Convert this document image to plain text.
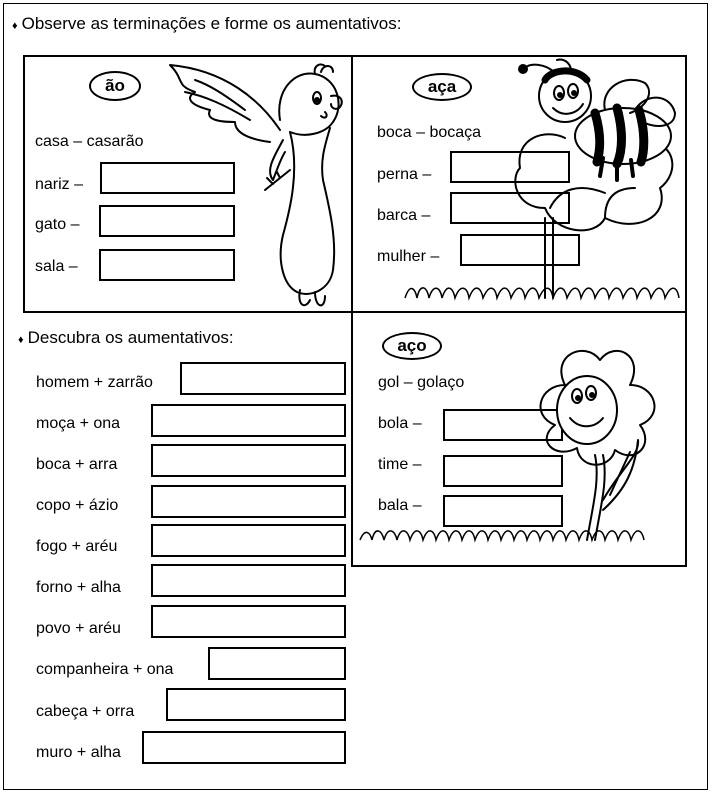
♦ Observe as terminações e forme os aumentativos:
ão
casa – casarão
nariz –
gato –
sala –
aça
boca – bocaça
perna –
barca –
mulher –
aço
gol – golaço
bola –
time –
bala –
♦ Descubra os aumentativos:
homem + zarrão
moça + ona
boca + arra
copo + ázio
fogo + aréu
forno + alha
povo + aréu
companheira + ona
cabeça + orra
muro + alha
